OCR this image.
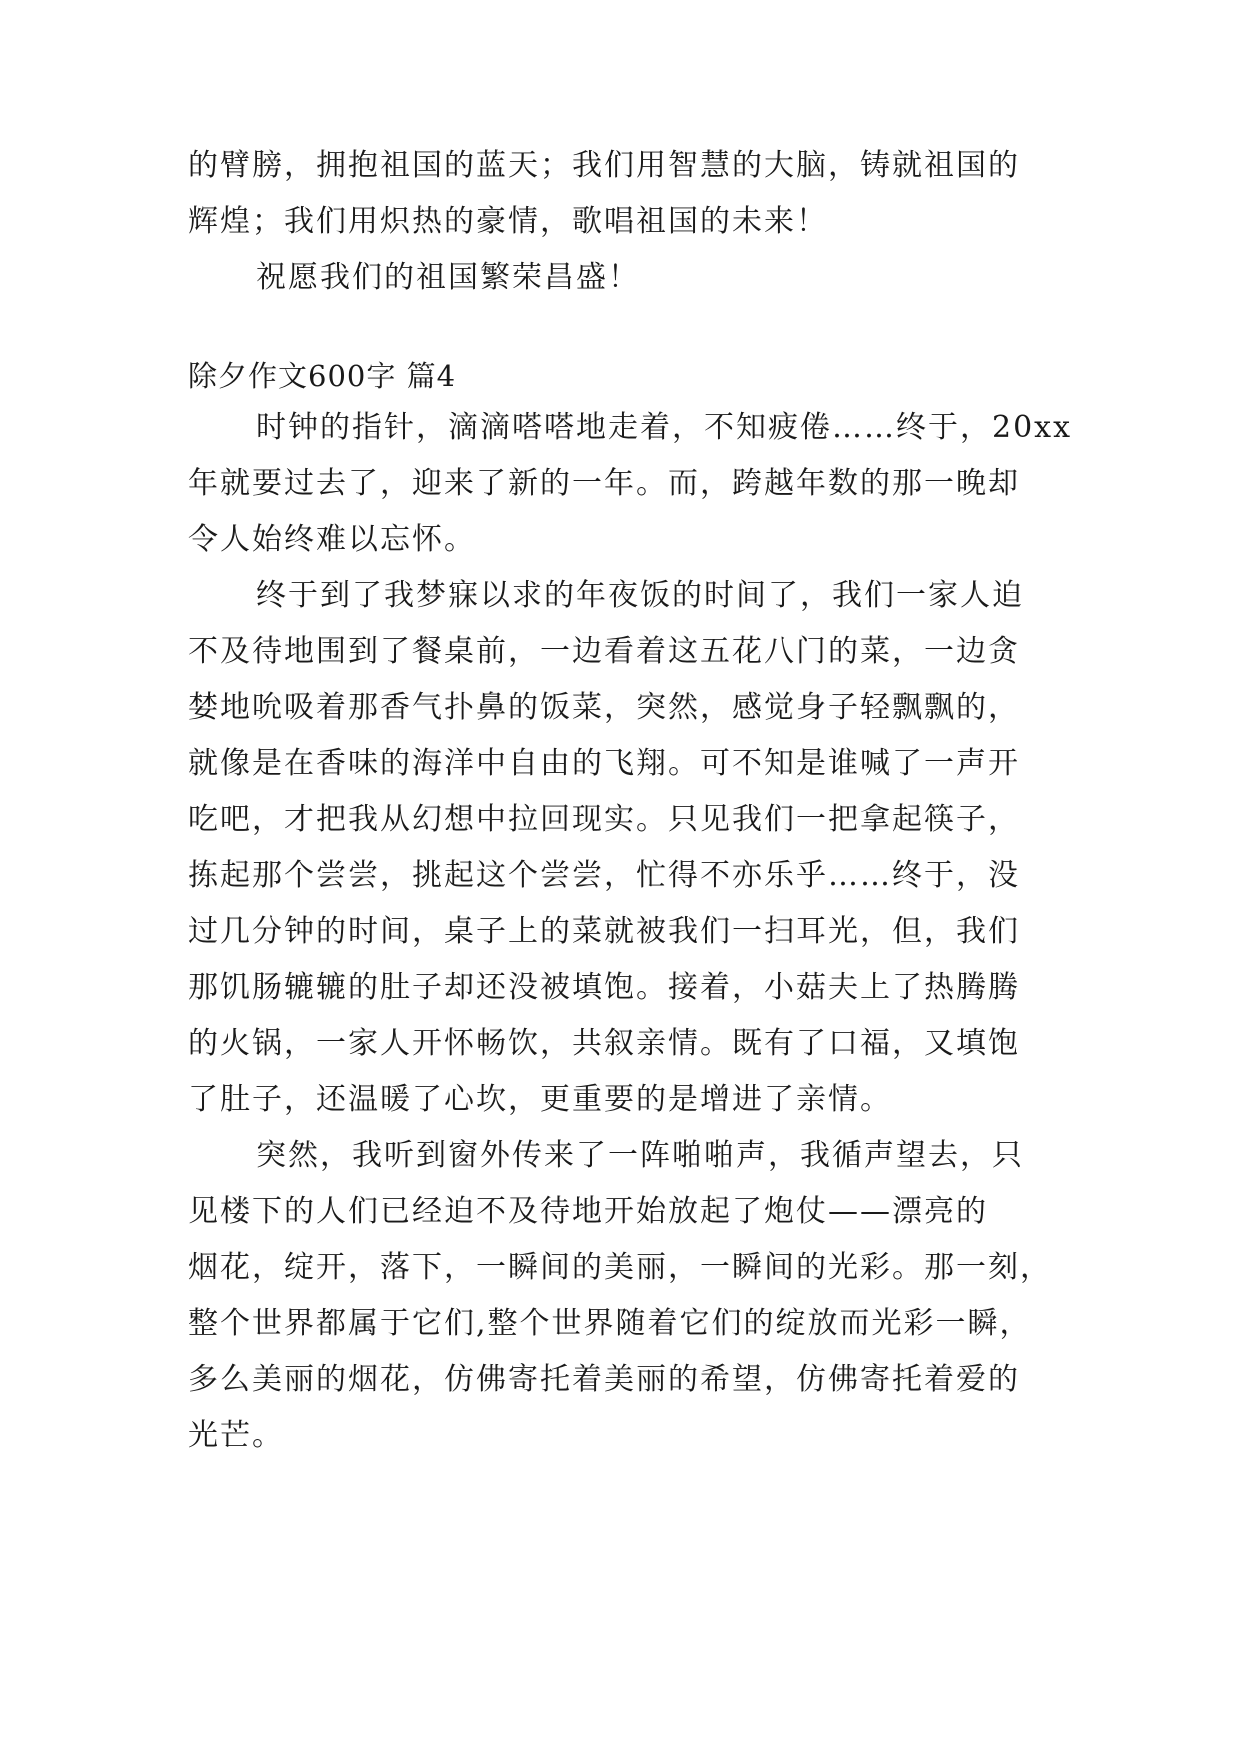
的臂膀，拥抱祖国的蓝天；我们用智慧的大脑，铸就祖国的

辉煌；我们用炽热的豪情，歌唱祖国的未来！

祝愿我们的祖国繁荣昌盛！

除夕作文600字 篇4

时钟的指针，滴滴嗒嗒地走着，不知疲倦……终于，20xx

年就要过去了，迎来了新的一年。而，跨越年数的那一晚却

令人始终难以忘怀。

终于到了我梦寐以求的年夜饭的时间了，我们一家人迫

不及待地围到了餐桌前，一边看着这五花八门的菜，一边贪

婪地吮吸着那香气扑鼻的饭菜，突然，感觉身子轻飘飘的，

就像是在香味的海洋中自由的飞翔。可不知是谁喊了一声开

吃吧，才把我从幻想中拉回现实。只见我们一把拿起筷子，

拣起那个尝尝，挑起这个尝尝，忙得不亦乐乎……终于，没

过几分钟的时间，桌子上的菜就被我们一扫耳光，但，我们

那饥肠辘辘的肚子却还没被填饱。接着，小菇夫上了热腾腾

的火锅，一家人开怀畅饮，共叙亲情。既有了口福，又填饱

了肚子，还温暖了心坎，更重要的是增进了亲情。

突然，我听到窗外传来了一阵啪啪声，我循声望去，只

见楼下的人们已经迫不及待地开始放起了炮仗——漂亮的

烟花，绽开，落下，一瞬间的美丽，一瞬间的光彩。那一刻，

整个世界都属于它们,整个世界随着它们的绽放而光彩一瞬，

多么美丽的烟花，仿佛寄托着美丽的希望，仿佛寄托着爱的

光芒。
